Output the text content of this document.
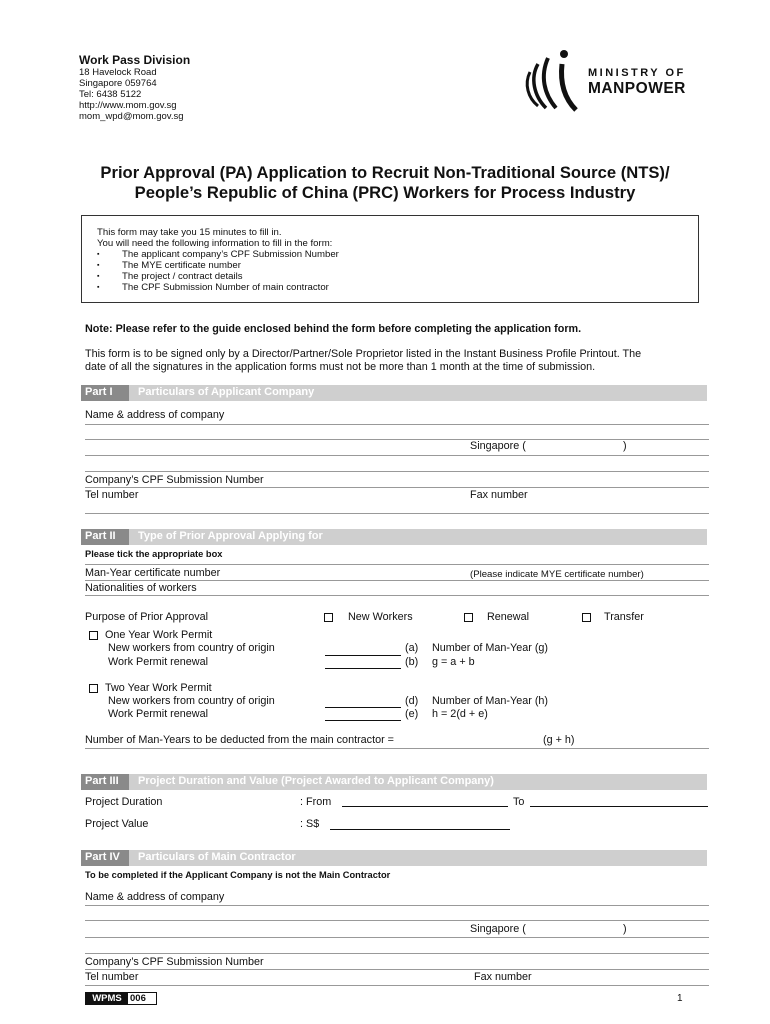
Work Pass Division
18 Havelock Road
Singapore 059764
Tel: 6438 5122
http://www.mom.gov.sg
mom_wpd@mom.gov.sg
MINISTRY OF
MANPOWER
Prior Approval (PA) Application to Recruit Non-Traditional Source (NTS)/
People’s Republic of China (PRC) Workers for Process Industry
This form may take you 15 minutes to fill in.
You will need the following information to fill in the form:
▪ The applicant company’s CPF Submission Number
▪ The MYE certificate number
▪ The project / contract details
▪ The CPF Submission Number of main contractor
Note: Please refer to the guide enclosed behind the form before completing the application form.
This form is to be signed only by a Director/Partner/Sole Proprietor listed in the Instant Business Profile Printout. The
date of all the signatures in the application forms must not be more than 1 month at the time of submission.
Part I	Particulars of Applicant Company
Name & address of company
Singapore (	)
Company’s CPF Submission Number
Tel number	Fax number
Part II	Type of Prior Approval Applying for
Please tick the appropriate box
Man-Year certificate number	(Please indicate MYE certificate number)
Nationalities of workers
Purpose of Prior Approval	New Workers	Renewal	Transfer
One Year Work Permit
New workers from country of origin	(a) Number of Man-Year (g)
Work Permit renewal	(b) g = a + b
Two Year Work Permit
New workers from country of origin	(d) Number of Man-Year (h)
Work Permit renewal	(e) h = 2(d + e)
Number of Man-Years to be deducted from the main contractor =	(g + h)
Part III	Project Duration and Value (Project Awarded to Applicant Company)
Project Duration	: From	To
Project Value	: S$
Part IV	Particulars of Main Contractor
To be completed if the Applicant Company is not the Main Contractor
Name & address of company
Singapore (	)
Company’s CPF Submission Number
Tel number	Fax number
WPMS 006	1
